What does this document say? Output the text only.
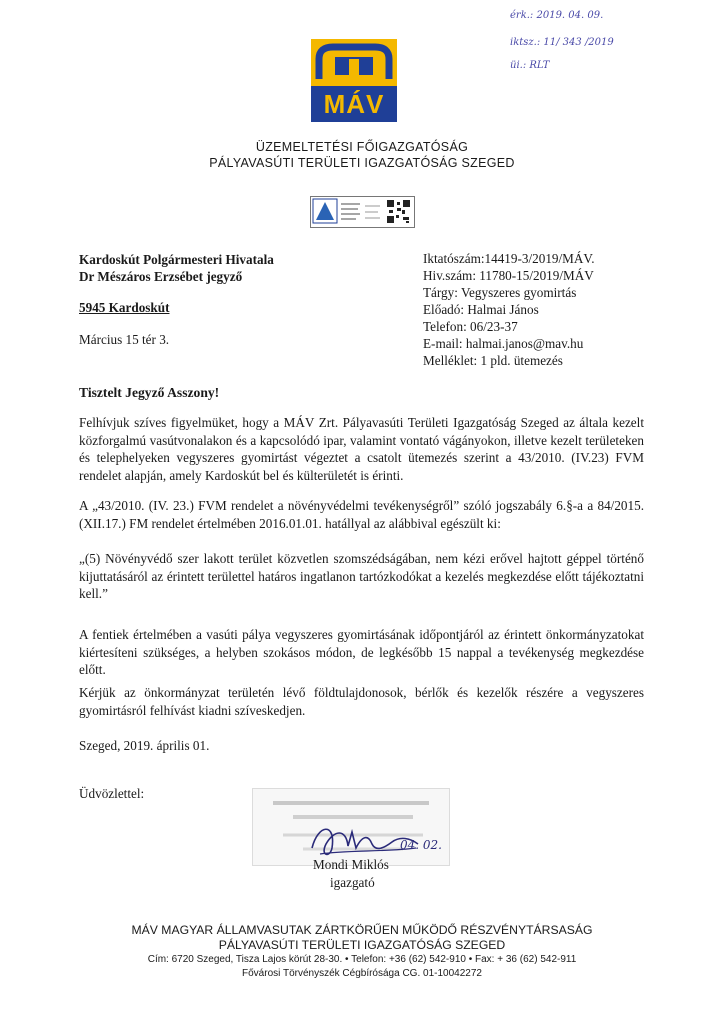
érk.: 2019. 04. 09.
iktsz.: 11/ 343 /2019
üi.: RLT
MÁV
ÜZEMELTETÉSI FŐIGAZGATÓSÁG
PÁLYAVASÚTI TERÜLETI IGAZGATÓSÁG SZEGED
Kardoskút Polgármesteri Hivatala
Dr Mészáros Erzsébet jegyző
5945 Kardoskút
Március 15 tér 3.
Iktatószám:14419-3/2019/MÁV.
Hiv.szám: 11780-15/2019/MÁV
Tárgy: Vegyszeres gyomirtás
Előadó: Halmai János
Telefon: 06/23-37
E-mail: halmai.janos@mav.hu
Melléklet: 1 pld. ütemezés
Tisztelt Jegyző Asszony!
Felhívjuk szíves figyelmüket, hogy a MÁV Zrt. Pályavasúti Területi Igazgatóság Szeged az általa kezelt közforgalmú vasútvonalakon és a kapcsolódó ipar, valamint vontató vágányokon, illetve kezelt területeken és telephelyeken vegyszeres gyomirtást végeztet a csatolt ütemezés szerint a 43/2010. (IV.23) FVM rendelet alapján, amely Kardoskút bel és külterületét is érinti.
A „43/2010. (IV. 23.) FVM rendelet a növényvédelmi tevékenységről” szóló jogszabály 6.§-a a 84/2015. (XII.17.) FM rendelet értelmében 2016.01.01. hatállyal az alábbival egészült ki:
„(5) Növényvédő szer lakott terület közvetlen szomszédságában, nem kézi erővel hajtott géppel történő kijuttatásáról az érintett területtel határos ingatlanon tartózkodókat a kezelés megkezdése előtt tájékoztatni kell.”
A fentiek értelmében a vasúti pálya vegyszeres gyomirtásának időpontjáról az érintett önkormányzatokat kiértesíteni szükséges, a helyben szokásos módon, de legkésőbb 15 nappal a tevékenység megkezdése előtt.
Kérjük az önkormányzat területén lévő földtulajdonosok, bérlők és kezelők részére a vegyszeres gyomirtásról felhívást kiadni szíveskedjen.
Szeged, 2019. április 01.
Üdvözlettel:
04. 02.
Mondi Miklós
igazgató
MÁV MAGYAR ÁLLAMVASUTAK ZÁRTKÖRŰEN MŰKÖDŐ RÉSZVÉNYTÁRSASÁG
PÁLYAVASÚTI TERÜLETI IGAZGATÓSÁG SZEGED
Cím: 6720 Szeged, Tisza Lajos körút 28-30. • Telefon: +36 (62) 542-910 • Fax: + 36 (62) 542-911
Fővárosi Törvényszék Cégbírósága CG. 01-10042272
